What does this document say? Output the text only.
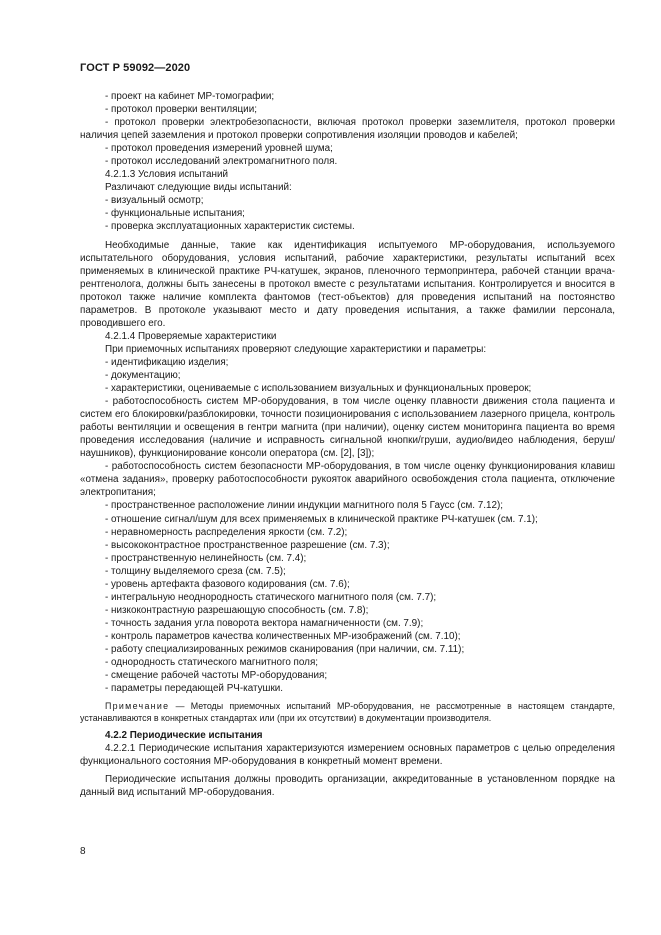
ГОСТ Р 59092—2020

- проект на кабинет МР-томографии;

- протокол проверки вентиляции;

- протокол проверки электробезопасности, включая протокол проверки заземлителя, протокол проверки наличия цепей заземления и протокол проверки сопротивления изоляции проводов и кабелей;

- протокол проведения измерений уровней шума;

- протокол исследований электромагнитного поля.

4.2.1.3 Условия испытаний

Различают следующие виды испытаний:

- визуальный осмотр;

- функциональные испытания;

- проверка эксплуатационных характеристик системы.

Необходимые данные, такие как идентификация испытуемого МР-оборудования, используемого испытательного оборудования, условия испытаний, рабочие характеристики, результаты испытаний всех применяемых в клинической практике РЧ-катушек, экранов, пленочного термопринтера, рабочей станции врача-рентгенолога, должны быть занесены в протокол вместе с результатами испытания. Контролируется и вносится в протокол также наличие комплекта фантомов (тест-объектов) для проведения испытаний на постоянство параметров. В протоколе указывают место и дату проведения испытания, а также фамилии персонала, проводившего его.

4.2.1.4 Проверяемые характеристики

При приемочных испытаниях проверяют следующие характеристики и параметры:

- идентификацию изделия;

- документацию;

- характеристики, оцениваемые с использованием визуальных и функциональных проверок;

- работоспособность систем МР-оборудования, в том числе оценку плавности движения стола пациента и систем его блокировки/разблокировки, точности позиционирования с использованием лазерного прицела, контроль работы вентиляции и освещения в гентри магнита (при наличии), оценку систем мониторинга пациента во время проведения исследования (наличие и исправность сигнальной кнопки/груши, аудио/видео наблюдения, беруш/наушников), функционирование консоли оператора (см. [2], [3]);

- работоспособность систем безопасности МР-оборудования, в том числе оценку функционирования клавиш «отмена задания», проверку работоспособности рукояток аварийного освобождения стола пациента, отключение электропитания;

- пространственное расположение линии индукции магнитного поля 5 Гаусс (см. 7.12);

- отношение сигнал/шум для всех применяемых в клинической практике РЧ-катушек (см. 7.1);

- неравномерность распределения яркости (см. 7.2);

- высококонтрастное пространственное разрешение (см. 7.3);

- пространственную нелинейность (см. 7.4);

- толщину выделяемого среза (см. 7.5);

- уровень артефакта фазового кодирования (см. 7.6);

- интегральную неоднородность статического магнитного поля (см. 7.7);

- низкоконтрастную разрешающую способность (см. 7.8);

- точность задания угла поворота вектора намагниченности (см. 7.9);

- контроль параметров качества количественных МР-изображений (см. 7.10);

- работу специализированных режимов сканирования (при наличии, см. 7.11);

- однородность статического магнитного поля;

- смещение рабочей частоты МР-оборудования;

- параметры передающей РЧ-катушки.

Примечание — Методы приемочных испытаний МР-оборудования, не рассмотренные в настоящем стандарте, устанавливаются в конкретных стандартах или (при их отсутствии) в документации производителя.

4.2.2 Периодические испытания

4.2.2.1 Периодические испытания характеризуются измерением основных параметров с целью определения функционального состояния МР-оборудования в конкретный момент времени.

Периодические испытания должны проводить организации, аккредитованные в установленном порядке на данный вид испытаний МР-оборудования.

8
